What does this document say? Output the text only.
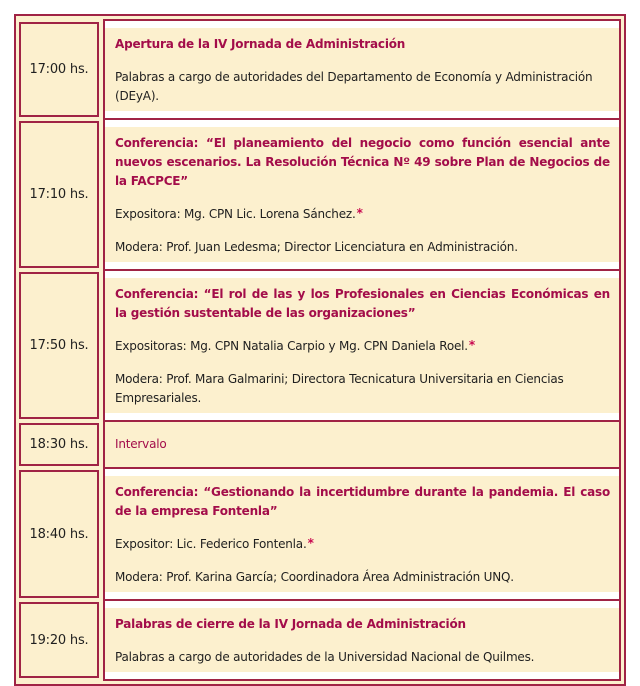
17:00 hs.

Apertura de la IV Jornada de Administración

Palabras a cargo de autoridades del Departamento de Economía y Administración (DEyA).

17:10 hs.

Conferencia: “El planeamiento del negocio como función esencial ante nuevos escenarios. La Resolución Técnica Nº 49 sobre Plan de Negocios de la FACPCE”

Expositora: Mg. CPN Lic. Lorena Sánchez.*

Modera: Prof. Juan Ledesma; Director Licenciatura en Administración.

17:50 hs.

Conferencia: “El rol de las y los Profesionales en Ciencias Económicas en la gestión sustentable de las organizaciones”

Expositoras: Mg. CPN Natalia Carpio y Mg. CPN Daniela Roel.*

Modera: Prof. Mara Galmarini; Directora Tecnicatura Universitaria en Ciencias Empresariales.

18:30 hs.	Intervalo

18:40 hs.

Conferencia: “Gestionando la incertidumbre durante la pandemia. El caso de la empresa Fontenla”

Expositor: Lic. Federico Fontenla.*

Modera: Prof. Karina García; Coordinadora Área Administración UNQ.

19:20 hs.

Palabras de cierre de la IV Jornada de Administración

Palabras a cargo de autoridades de la Universidad Nacional de Quilmes.
